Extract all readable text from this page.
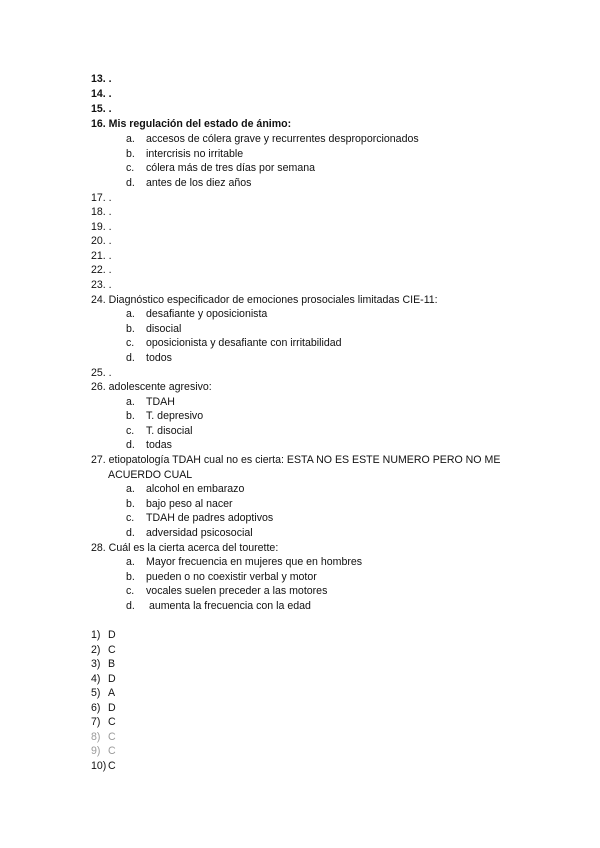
13. .
14. .
15. .
16. Mis regulación del estado de ánimo:
a. accesos de cólera grave y recurrentes desproporcionados
b. intercrisis no irritable
c. cólera más de tres días por semana
d. antes de los diez años
17. .
18. .
19. .
20. .
21. .
22. .
23. .
24. Diagnóstico especificador de emociones prosociales limitadas CIE-11:
a. desafiante y oposicionista
b. disocial
c. oposicionista y desafiante con irritabilidad
d. todos
25. .
26. adolescente agresivo:
a. TDAH
b. T. depresivo
c. T. disocial
d. todas
27. etiopatología TDAH cual no es cierta: ESTA NO ES ESTE NUMERO PERO NO ME
ACUERDO CUAL
a. alcohol en embarazo
b. bajo peso al nacer
c. TDAH de padres adoptivos
d. adversidad psicosocial
28. Cuál es la cierta acerca del tourette:
a. Mayor frecuencia en mujeres que en hombres
b. pueden o no coexistir verbal y motor
c. vocales suelen preceder a las motores
d. aumenta la frecuencia con la edad
1) D
2) C
3) B
4) D
5) A
6) D
7) C
8) C
9) C
10) C
